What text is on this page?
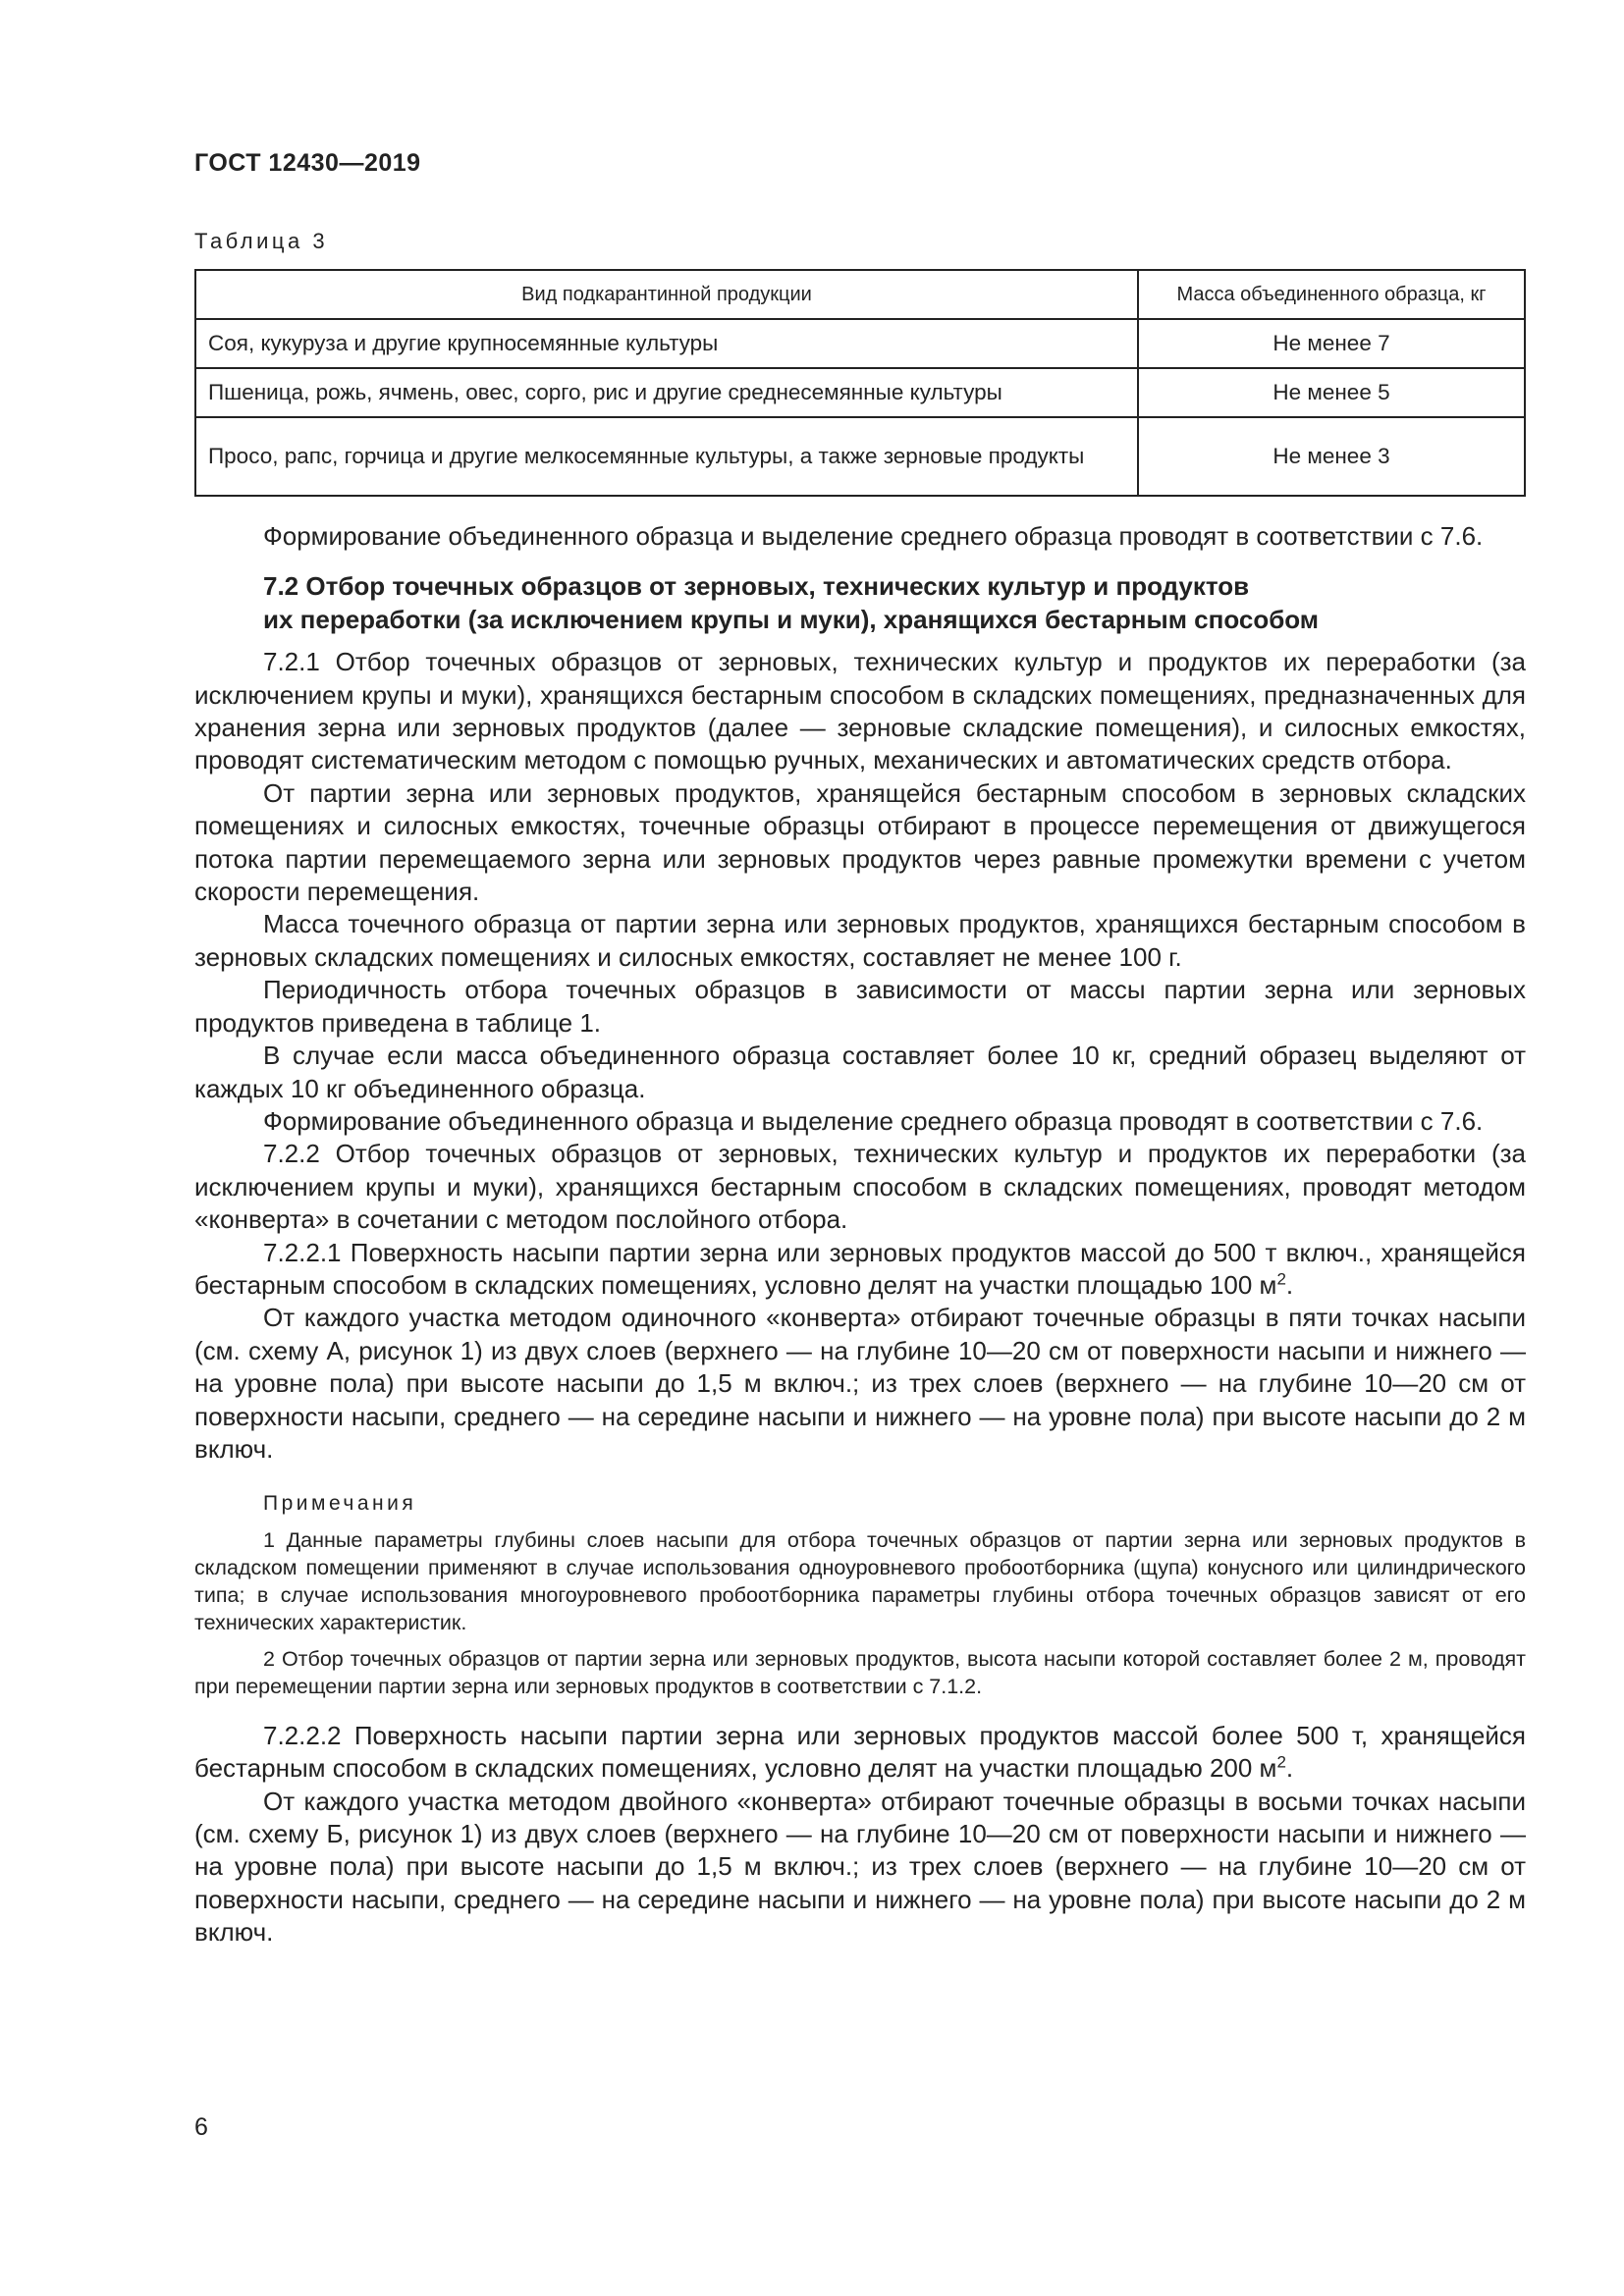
ГОСТ 12430—2019
Таблица 3
Вид подкарантинной продукции	Масса объединенного образца, кг
Соя, кукуруза и другие крупносемянные культуры	Не менее 7
Пшеница, рожь, ячмень, овес, сорго, рис и другие среднесемянные культуры	Не менее 5
Просо, рапс, горчица и другие мелкосемянные культуры, а также зерновые продукты	Не менее 3

Формирование объединенного образца и выделение среднего образца проводят в соответствии с 7.6.

7.2 Отбор точечных образцов от зерновых, технических культур и продуктов
их переработки (за исключением крупы и муки), хранящихся бестарным способом

7.2.1 Отбор точечных образцов от зерновых, технических культур и продуктов их переработки (за исключением крупы и муки), хранящихся бестарным способом в складских помещениях, предназначенных для хранения зерна или зерновых продуктов (далее — зерновые складские помещения), и силосных емкостях, проводят систематическим методом с помощью ручных, механических и автоматических средств отбора.

От партии зерна или зерновых продуктов, хранящейся бестарным способом в зерновых складских помещениях и силосных емкостях, точечные образцы отбирают в процессе перемещения от движущегося потока партии перемещаемого зерна или зерновых продуктов через равные промежутки времени с учетом скорости перемещения.

Масса точечного образца от партии зерна или зерновых продуктов, хранящихся бестарным способом в зерновых складских помещениях и силосных емкостях, составляет не менее 100 г.

Периодичность отбора точечных образцов в зависимости от массы партии зерна или зерновых продуктов приведена в таблице 1.

В случае если масса объединенного образца составляет более 10 кг, средний образец выделяют от каждых 10 кг объединенного образца.

Формирование объединенного образца и выделение среднего образца проводят в соответствии с 7.6.

7.2.2 Отбор точечных образцов от зерновых, технических культур и продуктов их переработки (за исключением крупы и муки), хранящихся бестарным способом в складских помещениях, проводят методом «конверта» в сочетании с методом послойного отбора.

7.2.2.1 Поверхность насыпи партии зерна или зерновых продуктов массой до 500 т включ., хранящейся бестарным способом в складских помещениях, условно делят на участки площадью 100 $м^2$.

От каждого участка методом одиночного «конверта» отбирают точечные образцы в пяти точках насыпи (см. схему А, рисунок 1) из двух слоев (верхнего — на глубине 10—20 см от поверхности насыпи и нижнего — на уровне пола) при высоте насыпи до 1,5 м включ.; из трех слоев (верхнего — на глубине 10—20 см от поверхности насыпи, среднего — на середине насыпи и нижнего — на уровне пола) при высоте насыпи до 2 м включ.

Примечания

1 Данные параметры глубины слоев насыпи для отбора точечных образцов от партии зерна или зерновых продуктов в складском помещении применяют в случае использования одноуровневого пробоотборника (щупа) конусного или цилиндрического типа; в случае использования многоуровневого пробоотборника параметры глубины отбора точечных образцов зависят от его технических характеристик.

2 Отбор точечных образцов от партии зерна или зерновых продуктов, высота насыпи которой составляет более 2 м, проводят при перемещении партии зерна или зерновых продуктов в соответствии с 7.1.2.

7.2.2.2 Поверхность насыпи партии зерна или зерновых продуктов массой более 500 т, хранящейся бестарным способом в складских помещениях, условно делят на участки площадью 200 $м^2$.

От каждого участка методом двойного «конверта» отбирают точечные образцы в восьми точках насыпи (см. схему Б, рисунок 1) из двух слоев (верхнего — на глубине 10—20 см от поверхности насыпи и нижнего — на уровне пола) при высоте насыпи до 1,5 м включ.; из трех слоев (верхнего — на глубине 10—20 см от поверхности насыпи, среднего — на середине насыпи и нижнего — на уровне пола) при высоте насыпи до 2 м включ.

6
